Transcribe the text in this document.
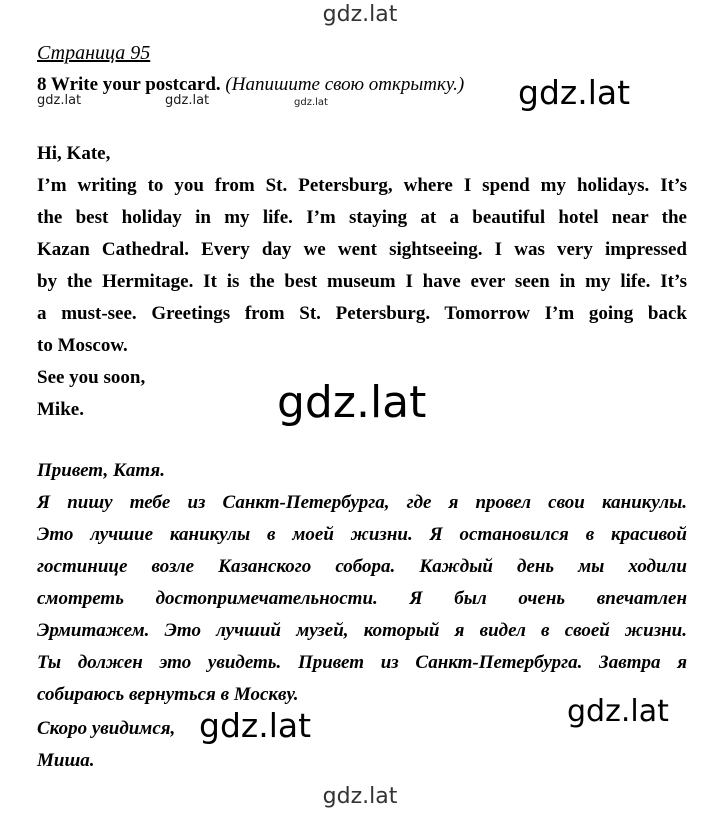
gdz.lat
Страница 95
8 Write your postcard. (Напишите свою открытку.)
gdz.lat	gdz.lat	gdz.lat	gdz.lat
Hi, Kate,

I’m writing to you from St. Petersburg, where I spend my holidays. It’s

the best holiday in my life. I’m staying at a beautiful hotel near the

Kazan Cathedral. Every day we went sightseeing. I was very impressed

by the Hermitage. It is the best museum I have ever seen in my life. It’s

a must-see. Greetings from St. Petersburg. Tomorrow I’m going back

to Moscow.

See you soon,
Mike.	gdz.lat
Привет, Катя.

Я пишу тебе из Санкт-Петербурга, где я провел свои каникулы.

Это лучшие каникулы в моей жизни. Я остановился в красивой

гостинице возле Казанского собора. Каждый день мы ходили

смотреть достопримечательности. Я был очень впечатлен

Эрмитажем. Это лучший музей, который я видел в своей жизни.

Ты должен это увидеть. Привет из Санкт-Петербурга. Завтра я

собираюсь вернуться в Москву.

Скоро увидимся,
Миша.
gdz.lat	gdz.lat
gdz.lat
